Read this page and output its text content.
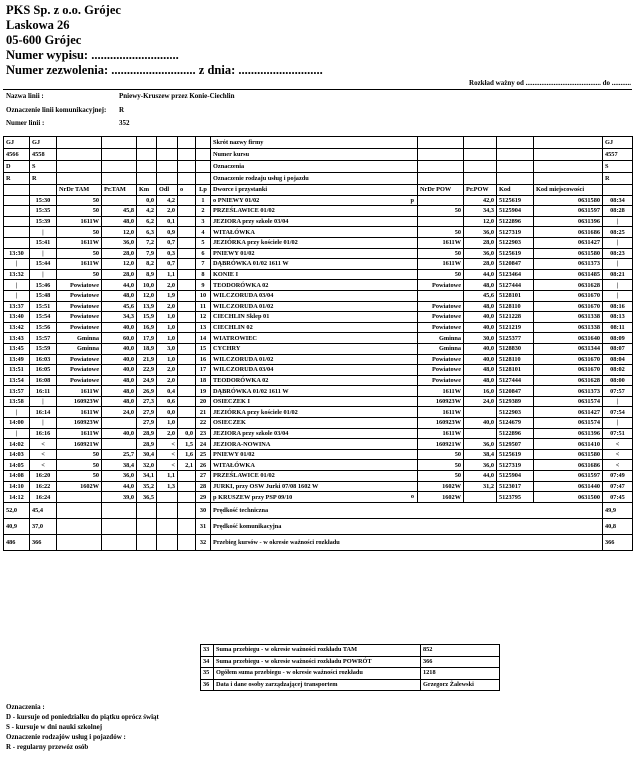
PKS Sp. z o.o. Grójec
Laskowa 26
05-600 Grójec
Numer wypisu: ............................
Numer zezwolenia: ........................... z dnia: ...........................
Rozkład ważny od ........................................... do ...........
Nazwa linii :	Pniewy-Kruszew przez Konie-Ciechlin
Oznaczenie linii komunikacyjnej: R
Numer linii :	352
GJ	GJ							Skrót nazwy firmy					GJ
4566	4558							Numer kursu					4557
D	S							Oznaczenia					S
R	R							Oznaczenie rodzaju usług i pojazdu					R
		NrDr TAM	Pr.TAM	Km	Odl	o	Lp	Dworce i przystanki	NrDr POW	Pr.POW	Kod	Kod miejscowości	
	15:30	50		0,0	4,2		1	o PNIEWY 01/02 p		42,0	5125619	0631580	08:34
	15:35	50	45,8	4,2	2,0		2	PRZEŚLAWICE 01/02	50	34,3	5125904	0631597	08:28
	15:39	1611W	48,0	6,2	0,1		3	JEZIORA przy szkole 03/04		12,0	5122896	0631396	|
	|	50	12,0	6,3	0,9		4	WITAŁÓWKA	50	36,0	5127319	0631686	08:25
	15:41	1611W	36,0	7,2	0,7		5	JEZIÓRKA przy kościele 01/02	1611W	28,0	5122903	0631427	|
13:30	|	50	28,0	7,9	0,3		6	PNIEWY 01/02	50	36,0	5125619	0631580	08:23
|	15:44	1611W	12,0	8,2	0,7		7	DĄBRÓWKA 01/02 1611 W	1611W	28,0	5120847	0631373	|
13:32	|	50	28,0	8,9	1,1		8	KONIE I	50	44,0	5123464	0631485	08:21
|	15:46	Powiatowe	44,0	10,0	2,0		9	TEODORÓWKA 02	Powiatowe	48,0	5127444	0631628	|
|	15:48	Powiatowe	48,0	12,0	1,9		10	WILCZORUDA 03/04		45,6	5128101	0631670	|
13:37	15:51	Powiatowe	45,6	13,9	2,0		11	WILCZORUDA 01/02	Powiatowe	48,0	5128110	0631670	08:16
13:40	15:54	Powiatowe	34,3	15,9	1,0		12	CIECHLIN Sklep 01	Powiatowe	40,0	5121228	0631338	08:13
13:42	15:56	Powiatowe	40,0	16,9	1,0		13	CIECHLIN 02	Powiatowe	40,0	5121219	0631338	08:11
13:43	15:57	Gminna	60,0	17,9	1,0		14	WIATROWIEC	Gminna	30,0	5125377	0631640	08:09
13:45	15:59	Gminna	40,0	18,9	3,0		15	CYCHRY	Gminna	40,0	5128830	0631344	08:07
13:49	16:03	Powiatowe	40,0	21,9	1,0		16	WILCZORUDA 01/02	Powiatowe	40,0	5128110	0631670	08:04
13:51	16:05	Powiatowe	40,0	22,9	2,0		17	WILCZORUDA 03/04	Powiatowe	48,0	5128101	0631670	08:02
13:54	16:08	Powiatowe	48,0	24,9	2,0		18	TEODORÓWKA 02	Powiatowe	48,0	5127444	0631628	08:00
13:57	16:11	1611W	48,0	26,9	0,4		19	DĄBRÓWKA 01/02 1611 W	1611W	16,0	5120847	0631373	07:57
13:58	|	160923W	48,0	27,3	0,6		20	OSIECZEK I	160923W	24,0	5129389	0631574	|
|	16:14	1611W	24,0	27,9	0,0		21	JEZIÓRKA przy kościele 01/02	1611W		5122903	0631427	07:54
14:00	|	160923W		27,9	1,0		22	OSIECZEK	160923W	40,0	5124679	0631574	|
|	16:16	1611W	40,0	28,9	2,0	0,0	23	JEZIORA przy szkole 03/04	1611W		5122896	0631396	07:51
14:02	<	160921W		28,9	<	1,5	24	JEZIORA-NOWINA	160921W	36,0	5129507	0631410	<
14:03	<	50	25,7	30,4	<	1,6	25	PNIEWY 01/02	50	38,4	5125619	0631580	<
14:05	<	50	38,4	32,0	<	2,1	26	WITAŁÓWKA	50	36,0	5127319	0631686	<
14:08	16:20	50	36,0	34,1	1,1		27	PRZEŚLAWICE 01/02	50	44,0	5125904	0631597	07:49
14:10	16:22	1602W	44,0	35,2	1,3		28	JURKI, przy OSW Jurki 07/08 1602 W	1602W	31,2	5123017	0631440	07:47
14:12	16:24		39,0	36,5			29	p KRUSZEW przy PSP 09/10 o	1602W		5123795	0631500	07:45
52,0	45,4						30	Prędkość techniczna					49,9
40,9	37,0						31	Prędkość komunikacyjna					40,8
486	366						32	Przebieg kursów - w okresie ważności rozkładu					366
33	Suma przebiegu - w okresie ważności rozkładu TAM	852
34	Suma przebiegu - w okresie ważności rozkładu POWRÓT	366
35	Ogółem suma przebiegu - w okresie ważności rozkładu	1218
36	Data i dane osoby zarządzającej transportem	Grzegorz Żalewski
Oznaczenia :
D - kursuje od poniedziałku do piątku oprócz świąt
S - kursuje w dni nauki szkolnej
Oznaczenie rodzajów usług i pojazdów :
R - regularny przewóz osób
